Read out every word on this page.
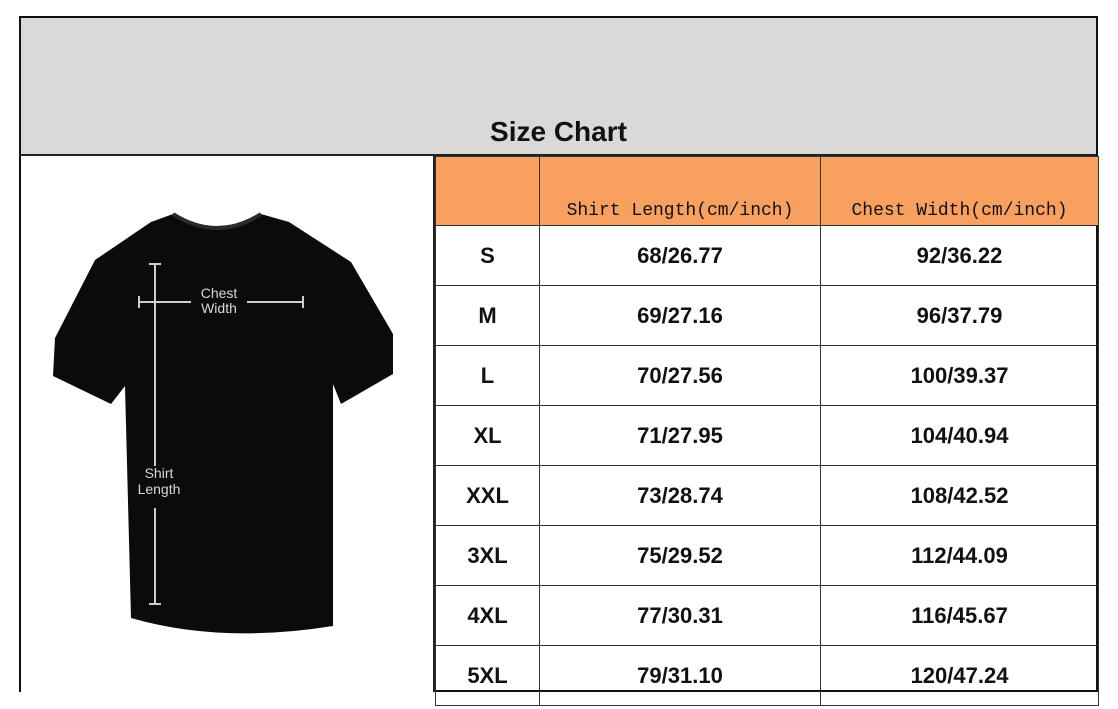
Size Chart
Chest
Width
Shirt
Length
	Shirt Length(cm/inch)	Chest Width(cm/inch)
S	68/26.77	92/36.22
M	69/27.16	96/37.79
L	70/27.56	100/39.37
XL	71/27.95	104/40.94
XXL	73/28.74	108/42.52
3XL	75/29.52	112/44.09
4XL	77/30.31	116/45.67
5XL	79/31.10	120/47.24
